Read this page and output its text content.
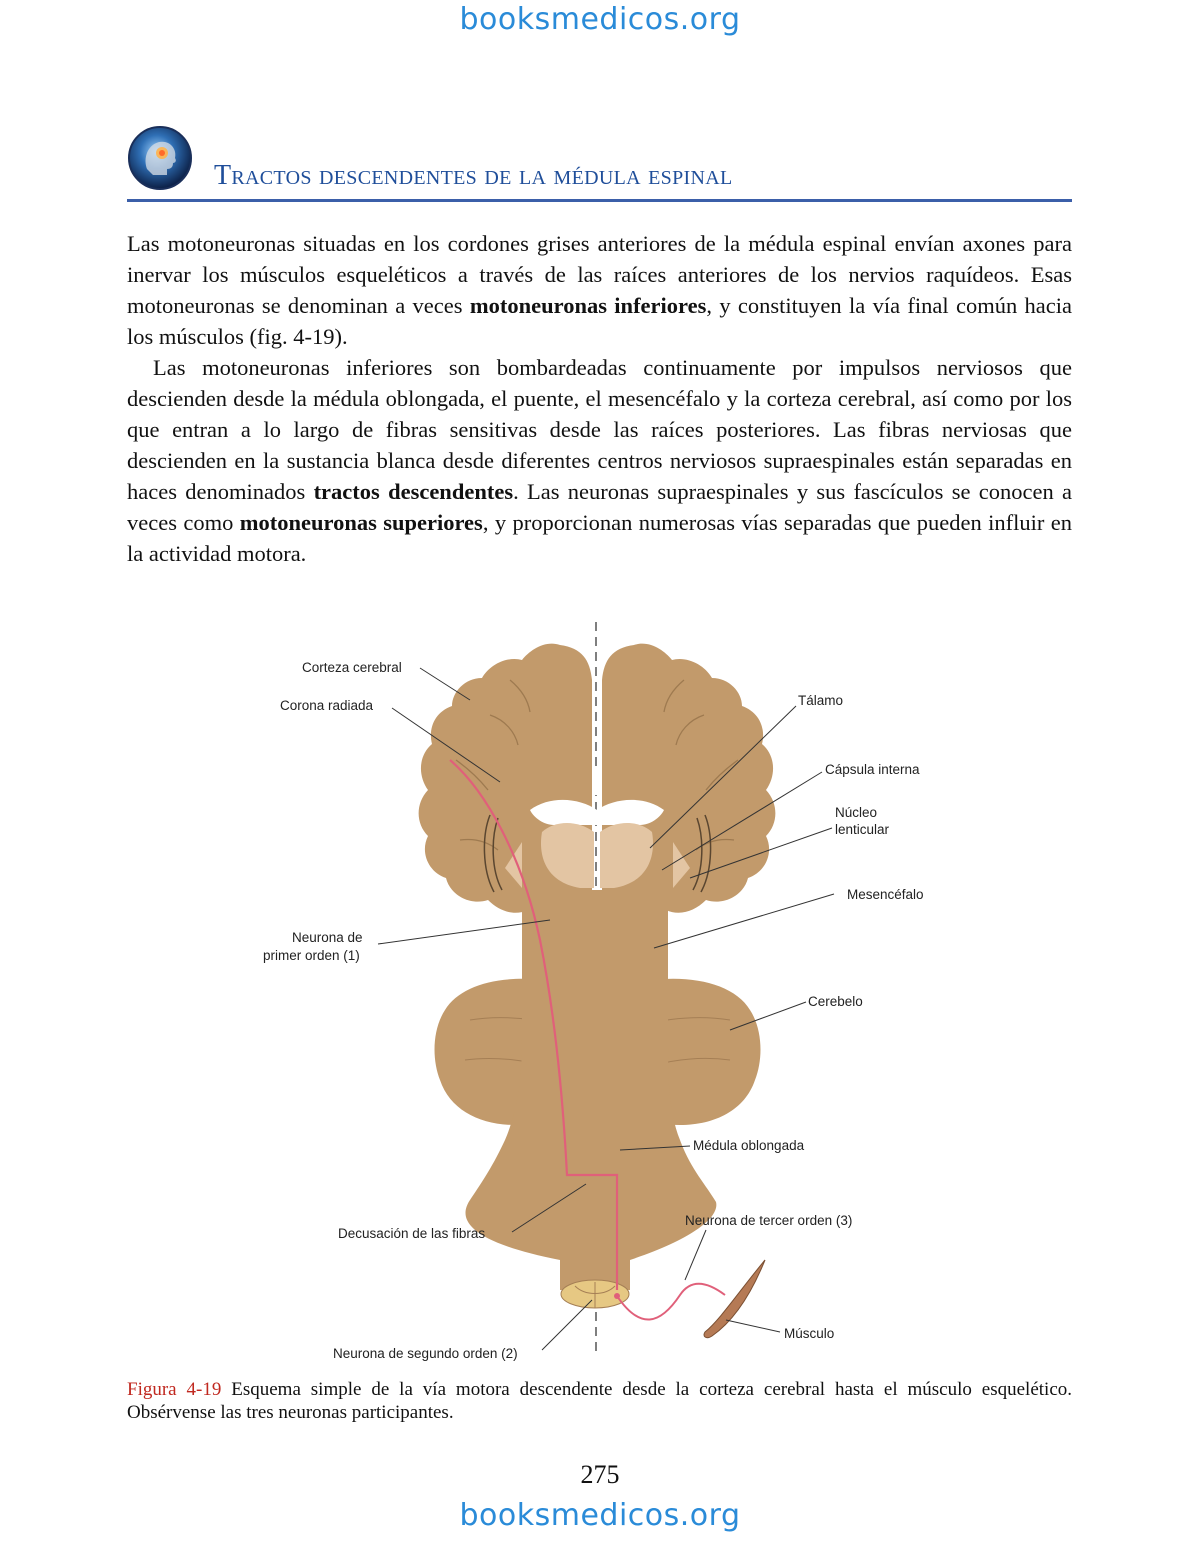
booksmedicos.org
Tractos descendentes de la médula espinal

Las motoneuronas situadas en los cordones grises anteriores de la médula espinal envían axones para inervar los músculos esqueléticos a través de las raíces anteriores de los nervios raquídeos. Esas motoneuronas se denominan a veces motoneuronas inferiores, y constituyen la vía final común hacia los músculos (fig. 4-19).

Las motoneuronas inferiores son bombardeadas continuamente por impulsos nerviosos que descienden desde la médula oblongada, el puente, el mesencéfalo y la corteza cerebral, así como por los que entran a lo largo de fibras sensitivas desde las raíces posteriores. Las fibras nerviosas que descienden en la sustancia blanca desde diferentes centros nerviosos supraespinales están separadas en haces denominados tractos descendentes. Las neuronas supraespinales y sus fascículos se conocen a veces como motoneuronas superiores, y proporcionan numerosas vías separadas que pueden influir en la actividad motora.

Corteza cerebral
Corona radiada	Tálamo
Cápsula interna
Núcleo
lenticular
Mesencéfalo
Neurona de
primer orden (1)
Cerebelo
Médula oblongada
Decusación de las fibras
Neurona de tercer orden (3)
Músculo
Neurona de segundo orden (2)
Figura 4-19 Esquema simple de la vía motora descendente desde la corteza cerebral hasta el músculo esquelético. Obsérvense las tres neuronas participantes.
275
booksmedicos.org
